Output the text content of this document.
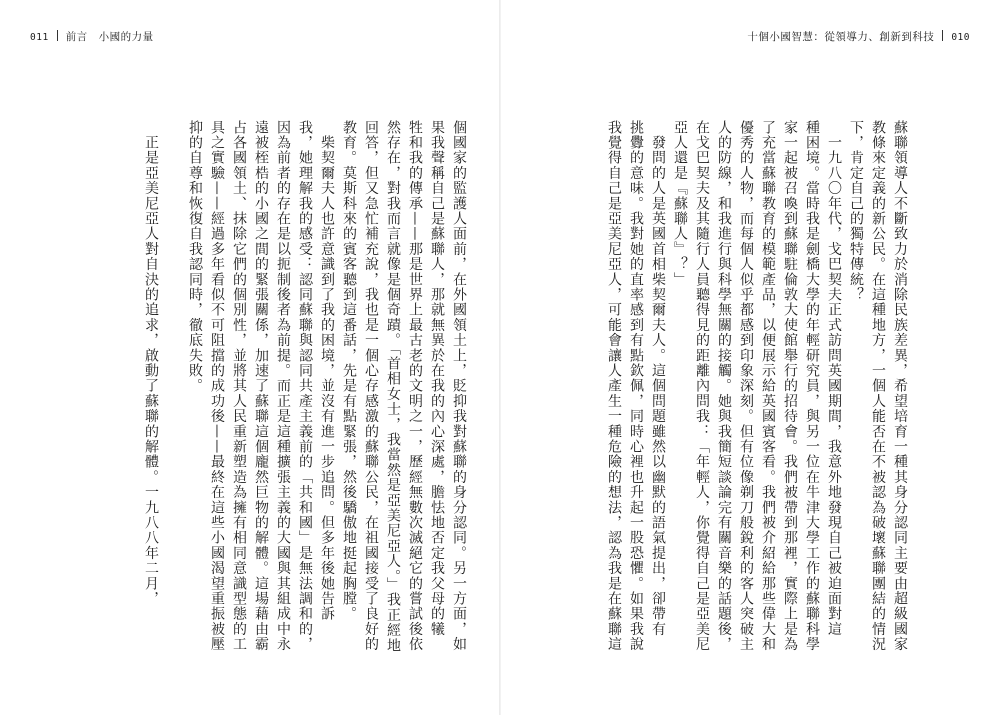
011 前言　小國的力量	十個小國智慧：從領導力、創新到科技 010
蘇聯領導人不斷致力於消除民族差異，希望培育一種其身分認同主要由超級國家
教條來定義的新公民。在這種地方，一個人能否在不被認為破壞蘇聯團結的情況
下，肯定自己的獨特傳統？
　一九八〇年代，戈巴契夫正式訪問英國期間，我意外地發現自己被迫面對這
種困境。當時我是劍橋大學的年輕研究員，與另一位在牛津大學工作的蘇聯科學
家一起被召喚到蘇聯駐倫敦大使館舉行的招待會。我們被帶到那裡，實際上是為
了充當蘇聯教育的模範產品，以便展示給英國賓客看。我們被介紹給那些偉大和
優秀的人物，而每個人似乎都感到印象深刻。但有位像剃刀般銳利的客人突破主
人的防線，和我進行與科學無關的接觸。她與我簡短談論完有關音樂的話題後，
在戈巴契夫及其隨行人員聽得見的距離內問我：「年輕人，你覺得自己是亞美尼
亞人還是『蘇聯人』？」
　發問的人是英國首相柴契爾夫人。這個問題雖然以幽默的語氣提出，卻帶有
挑釁的意味。我對她的直率感到有點欽佩，同時心裡也升起一股恐懼。如果我說
我覺得自己是亞美尼亞人，可能會讓人產生一種危險的想法，認為我是在蘇聯這
個國家的監護人面前，在外國領土上，貶抑我對蘇聯的身分認同。另一方面，如
果我聲稱自己是蘇聯人，那就無異於在我的內心深處，膽怯地否定我父母的犧
牲和我的傳承——那是世界上最古老的文明之一，歷經無數次滅絕它的嘗試後依
然存在，對我而言就像是個奇蹟。「首相女士，我當然是亞美尼亞人。」我正經地
回答，但又急忙補充說，我也是一個心存感激的蘇聯公民，在祖國接受了良好的
教育。莫斯科來的賓客聽到這番話，先是有點緊張，然後驕傲地挺起胸膛。
　柴契爾夫人也許意識到了我的困境，並沒有進一步追問。但多年後她告訴
我，她理解我的感受：認同蘇聯與認同共產主義前的「共和國」是無法調和的，
因為前者的存在是以扼制後者為前提。而正是這種擴張主義的大國與其組成中永
遠被桎梏的小國之間的緊張關係，加速了蘇聯這個龐然巨物的解體。這場藉由霸
占各國領土、抹除它們的個別性，並將其人民重新塑造為擁有相同意識型態的工
具之實驗——經過多年看似不可阻擋的成功後——最終在這些小國渴望重振被壓
抑的自尊和恢復自我認同時，徹底失敗。
　正是亞美尼亞人對自決的追求，啟動了蘇聯的解體。一九八八年二月，
